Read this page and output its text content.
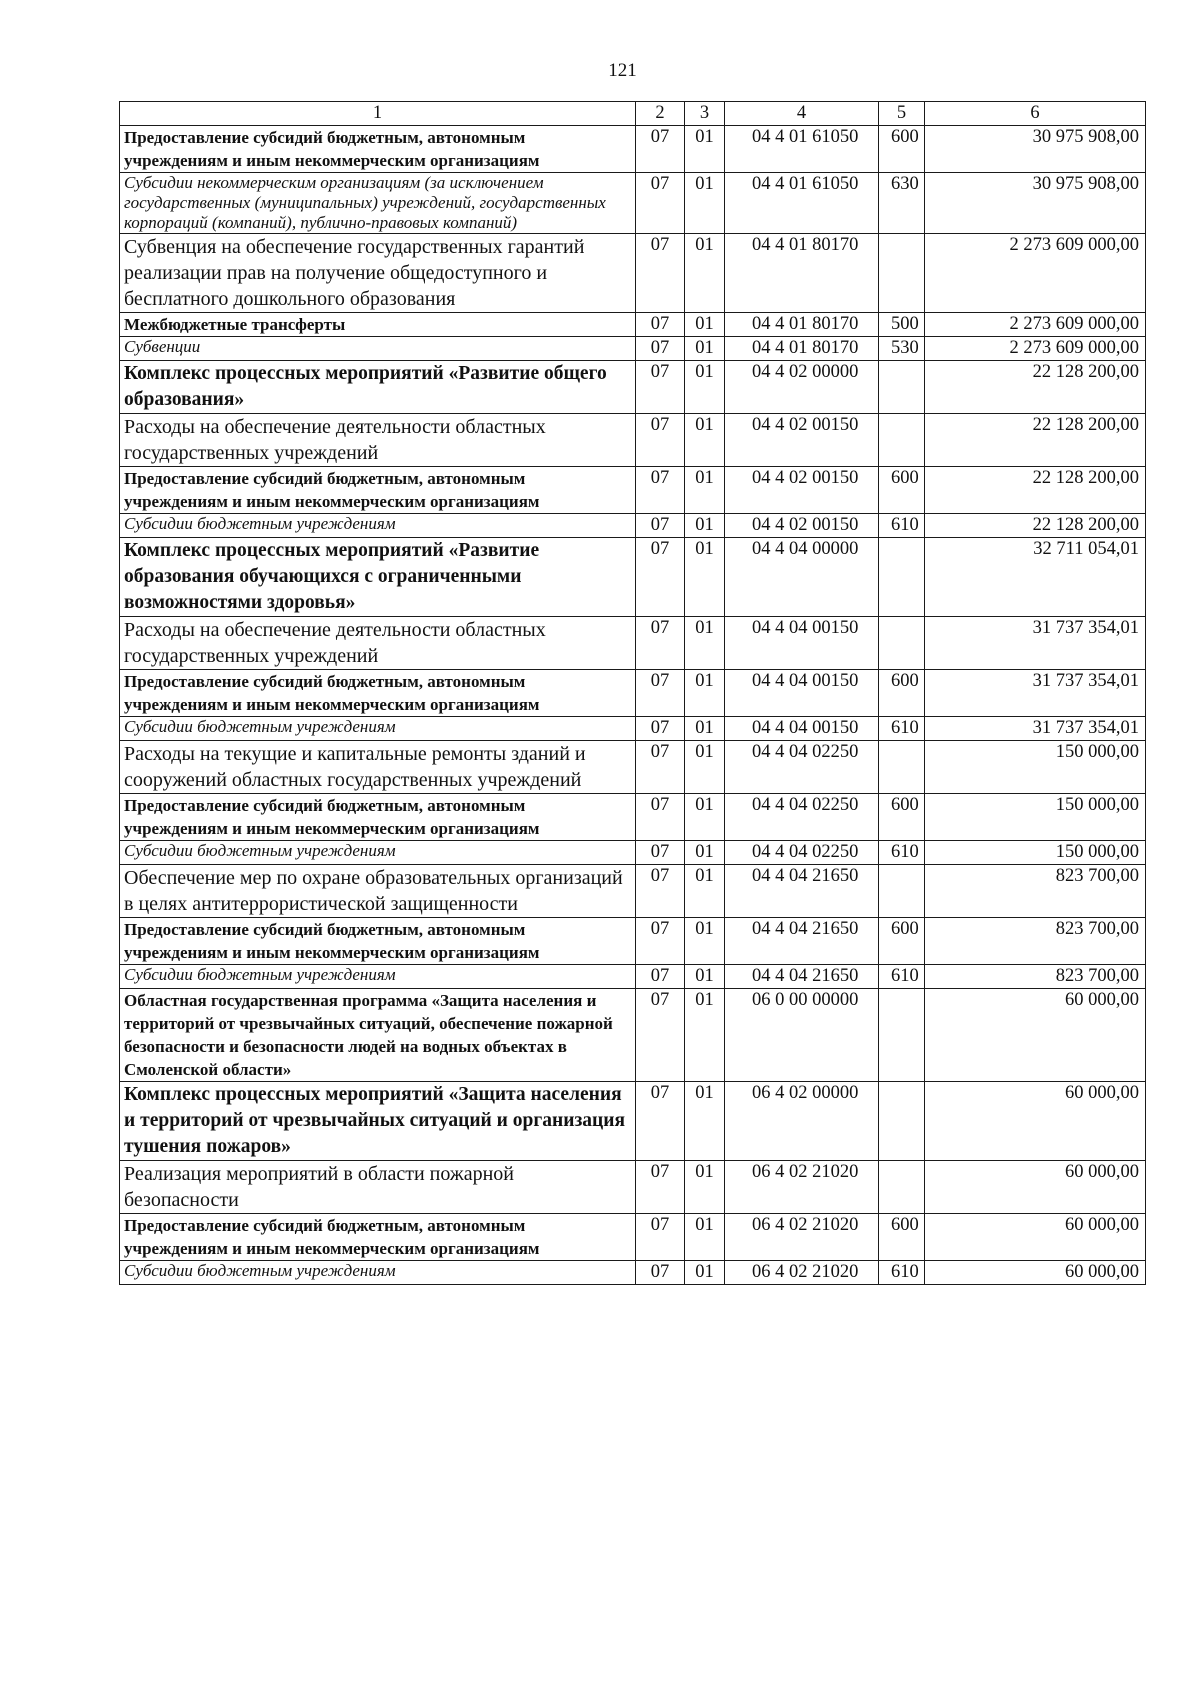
121
1	2	3	4	5	6
Предоставление субсидий бюджетным, автономным учреждениям и иным некоммерческим организациям	07	01	04 4 01 61050	600	30 975 908,00
Субсидии некоммерческим организациям (за исключением государственных (муниципальных) учреждений, государственных корпораций (компаний), публично-правовых компаний)	07	01	04 4 01 61050	630	30 975 908,00
Субвенция на обеспечение государственных гарантий реализации прав на получение общедоступного и бесплатного дошкольного образования	07	01	04 4 01 80170		2 273 609 000,00
Межбюджетные трансферты	07	01	04 4 01 80170	500	2 273 609 000,00
Субвенции	07	01	04 4 01 80170	530	2 273 609 000,00
Комплекс процессных мероприятий «Развитие общего образования»	07	01	04 4 02 00000		22 128 200,00
Расходы на обеспечение деятельности областных государственных учреждений	07	01	04 4 02 00150		22 128 200,00
Предоставление субсидий бюджетным, автономным учреждениям и иным некоммерческим организациям	07	01	04 4 02 00150	600	22 128 200,00
Субсидии бюджетным учреждениям	07	01	04 4 02 00150	610	22 128 200,00
Комплекс процессных мероприятий «Развитие образования обучающихся с ограниченными возможностями здоровья»	07	01	04 4 04 00000		32 711 054,01
Расходы на обеспечение деятельности областных государственных учреждений	07	01	04 4 04 00150		31 737 354,01
Предоставление субсидий бюджетным, автономным учреждениям и иным некоммерческим организациям	07	01	04 4 04 00150	600	31 737 354,01
Субсидии бюджетным учреждениям	07	01	04 4 04 00150	610	31 737 354,01
Расходы на текущие и капитальные ремонты зданий и сооружений областных государственных учреждений	07	01	04 4 04 02250		150 000,00
Предоставление субсидий бюджетным, автономным учреждениям и иным некоммерческим организациям	07	01	04 4 04 02250	600	150 000,00
Субсидии бюджетным учреждениям	07	01	04 4 04 02250	610	150 000,00
Обеспечение мер по охране образовательных организаций в целях антитеррористической защищенности	07	01	04 4 04 21650		823 700,00
Предоставление субсидий бюджетным, автономным учреждениям и иным некоммерческим организациям	07	01	04 4 04 21650	600	823 700,00
Субсидии бюджетным учреждениям	07	01	04 4 04 21650	610	823 700,00
Областная государственная программа «Защита населения и территорий от чрезвычайных ситуаций, обеспечение пожарной безопасности и безопасности людей на водных объектах в Смоленской области»	07	01	06 0 00 00000		60 000,00
Комплекс процессных мероприятий «Защита населения и территорий от чрезвычайных ситуаций и организация тушения пожаров»	07	01	06 4 02 00000		60 000,00
Реализация мероприятий в области пожарной безопасности	07	01	06 4 02 21020		60 000,00
Предоставление субсидий бюджетным, автономным учреждениям и иным некоммерческим организациям	07	01	06 4 02 21020	600	60 000,00
Субсидии бюджетным учреждениям	07	01	06 4 02 21020	610	60 000,00
